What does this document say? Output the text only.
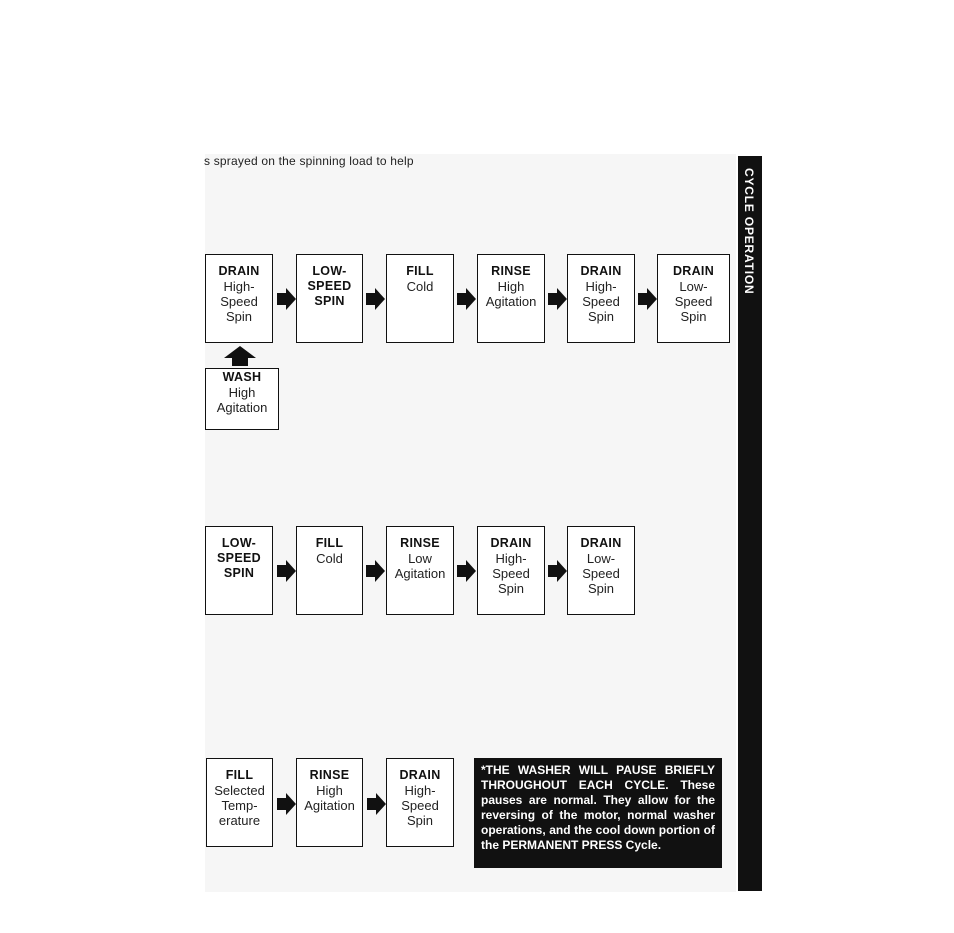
s sprayed on the spinning load to help
CYCLE OPERATION
DRAIN
High-
Speed
Spin
LOW-
SPEED
SPIN
FILL
Cold
RINSE
High
Agitation
DRAIN
High-
Speed
Spin
DRAIN
Low-
Speed
Spin
WASH
High
Agitation
LOW-
SPEED
SPIN
FILL
Cold
RINSE
Low
Agitation
DRAIN
High-
Speed
Spin
DRAIN
Low-
Speed
Spin
FILL
Selected
Temp-
erature
RINSE
High
Agitation
DRAIN
High-
Speed
Spin
*THE WASHER WILL PAUSE BRIEFLY THROUGHOUT EACH CYCLE. These pauses are normal. They allow for the reversing of the motor, normal washer operations, and the cool down portion of the PERMANENT PRESS Cycle.
